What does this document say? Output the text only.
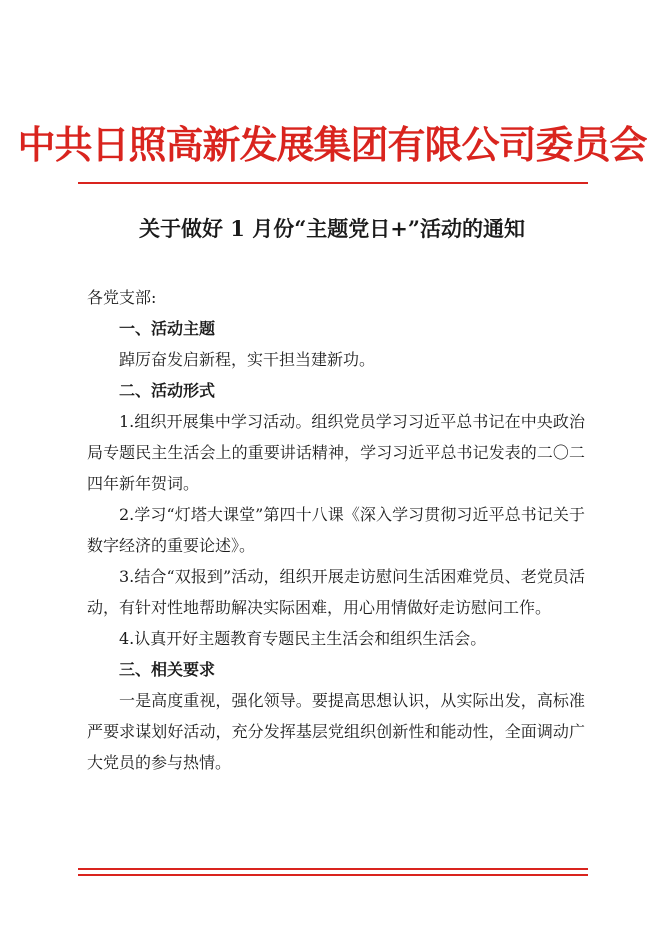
中共日照高新发展集团有限公司委员会
关于做好 1 月份“主题党日+”活动的通知

各党支部:

一、活动主题

踔厉奋发启新程，实干担当建新功。

二、活动形式

1.组织开展集中学习活动。组织党员学习习近平总书记在中央政治局专题民主生活会上的重要讲话精神，学习习近平总书记发表的二〇二四年新年贺词。

2.学习“灯塔大课堂”第四十八课《深入学习贯彻习近平总书记关于数字经济的重要论述》。

3.结合“双报到”活动，组织开展走访慰问生活困难党员、老党员活动，有针对性地帮助解决实际困难，用心用情做好走访慰问工作。

4.认真开好主题教育专题民主生活会和组织生活会。

三、相关要求

一是高度重视，强化领导。要提高思想认识，从实际出发，高标准严要求谋划好活动，充分发挥基层党组织创新性和能动性，全面调动广大党员的参与热情。
